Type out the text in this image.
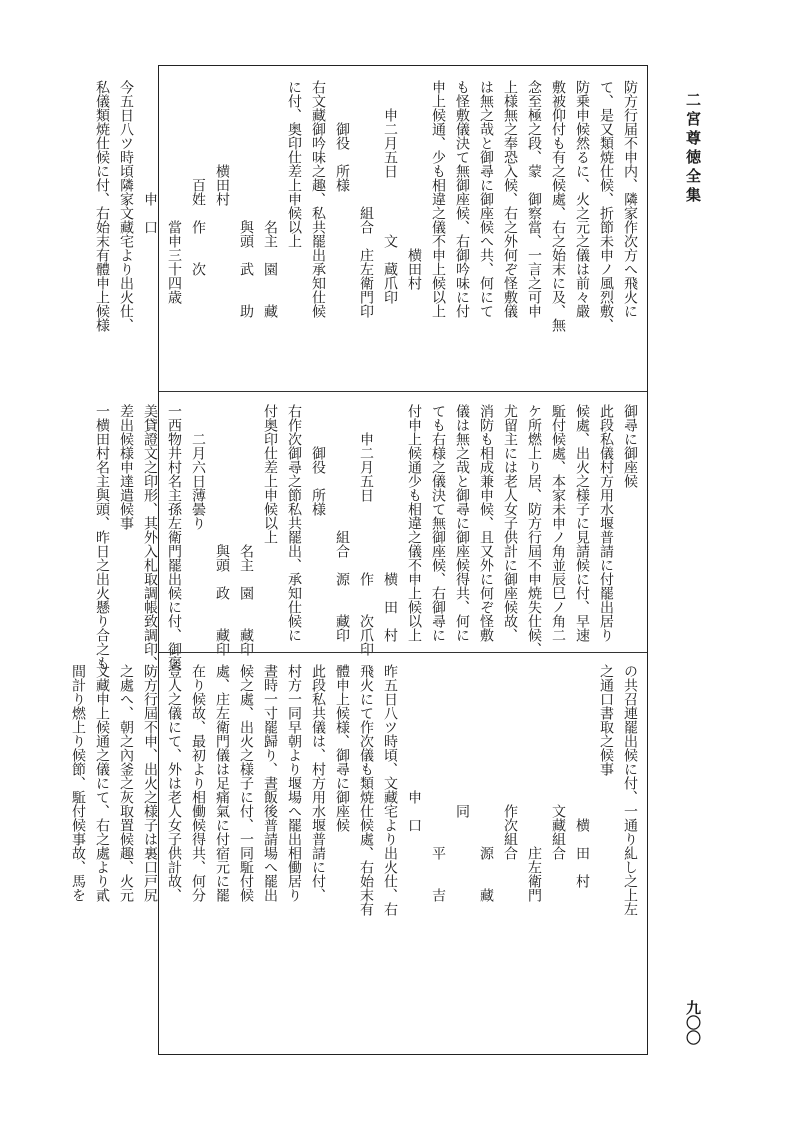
二宮尊徳全集
九〇〇
防方行届不申内、隣家作次方へ飛火に
て、是又類焼仕候、折節未申ノ風烈敷、
防乗申候然るに、火之元之儀は前々嚴
敷被仰付も有之候處、右之始末に及、無
念至極之段、蒙　御察當、一言之可申
上様無之奉恐入候、右之外何ぞ怪敷儀
は無之哉と御尋に御座候へ共、何にて
も怪敷儀決て無御座候、右御吟味に付
申上候通、少も相違之儀不申上候以上
　　　　　　　　　　　　横田村
　　申二月五日　　　　文　蔵爪印
　　　　　　　　　組合　庄左衛門印
　　　御役　所様
右文藏御吟味之趣、私共罷出承知仕候
に付、奥印仕差上申候以上
　　　　　　　　　　名主　園　　藏
　　　　　　　　　　與頭　武　　助
　　　　　　横田村
　　　　　　　百姓　作　　次
　　　　　　　　　　當申三十四歳
　　　　　　　　申　口
今五日八ツ時頃隣家文藏宅より出火仕、
私儀類焼仕候に付、右始末有體申上候様
御尋に御座候
此段私儀村方用水堰普請に付罷出居り
候處、出火之様子に見請候に付、早速
駈付候處、本家未申ノ角並辰巳ノ角二
ケ所燃上り居、防方行屆不申焼失仕候、
尤留主には老人女子供計に御座候故、
消防も相成兼申候、且又外に何ぞ怪敷
儀は無之哉と御尋に御座候得共、何に
ても右様之儀決て無御座候、右御尋に
付申上候通少も相違之儀不申上候以上
　　　　　　　　　　　　横　田　村
　　申二月五日　　　　　作　　次爪印
　　　　　　　　　組合　源　　藏印
　　　御役　所様
右作次御尋之節私共罷出、承知仕候に
付奥印仕差上申候以上
　　　　　　　　　　名主　園　　藏印
　　　　　　　　　　與頭　政　　藏印
　　二月六日薄曇り
一西物井村名主孫左衛門罷出候に付、御褒
美貸證文之印形、其外入札取調帳致調印、
差出候様申達遣候事
一横田村名主與頭、昨日之出火懸り合之も
の共召連罷出候に付、一通り糺し之上左
之通口書取之候事
　　　　　　　　　　　横　田　村
　　　　　　　　　　文藏組合
　　　　　　　　　　　　　庄左衛門
　　　　　　　　　　作次組合
　　　　　　　　　　　　　源　　藏
　　　　　　　　　　同
　　　　　　　　　　　　　平　　吉
　　　　　　　　　申　口
昨五日八ツ時頃、文藏宅より出火仕、右
飛火にて作次儀も類焼仕候處、右始末有
體申上候様、御尋に御座候
此段私共儀は、村方用水堰普請に付、
村方一同早朝より堰場へ罷出相働居り
晝時一寸罷歸り、晝飯後普請場へ罷出
候之處、出火之様子に付、一同駈付候
處、庄左衛門儀は足痛氣に付宿元に罷
在り候故、最初より相働候得共、何分
壹人之儀にて、外は老人女子供計故、
防方行屆不申、出火之様子は裏口戸尻
之處へ、朝之內釜之灰取置候趣、火元
文藏申上候通之儀にて、右之處より貳
間計り燃上り候節、駈付候事故、馬を
